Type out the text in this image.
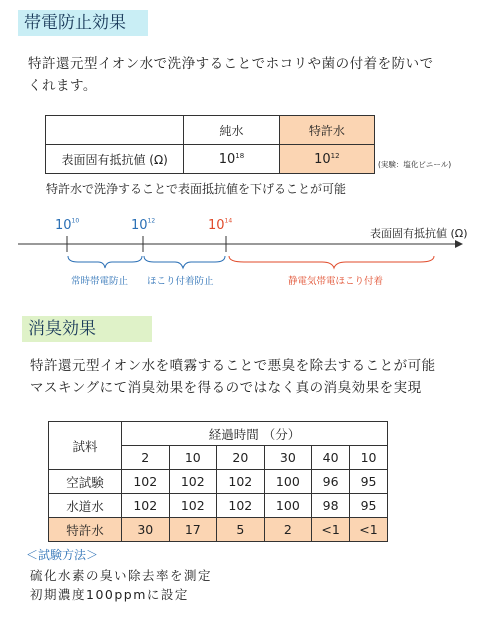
帯電防止効果
特許還元型イオン水で洗浄することでホコリや菌の付着を防いで
くれます。
	純水	特許水
表面固有抵抗値 (Ω)	$10^{18}$	$10^{12}$
(実験：塩化ビニール)
特許水で洗浄することで表面抵抗値を下げることが可能
$10^{10}$	$10^{12}$	$10^{14}$
表面固有抵抗値 (Ω)
常時帯電防止 ほこり付着防止	静電気帯電ほこり付着
消臭効果
特許還元型イオン水を噴霧することで悪臭を除去することが可能
マスキングにて消臭効果を得るのではなく真の消臭効果を実現
試料	経過時間 （分）					
	2	10	20	30	40	10
空試験	102	102	102	100	96	95
水道水	102	102	102	100	98	95
特許水	30	17	5	2	<1	<1
＜試験方法＞
硫化水素の臭い除去率を測定
初期濃度100ppmに設定
